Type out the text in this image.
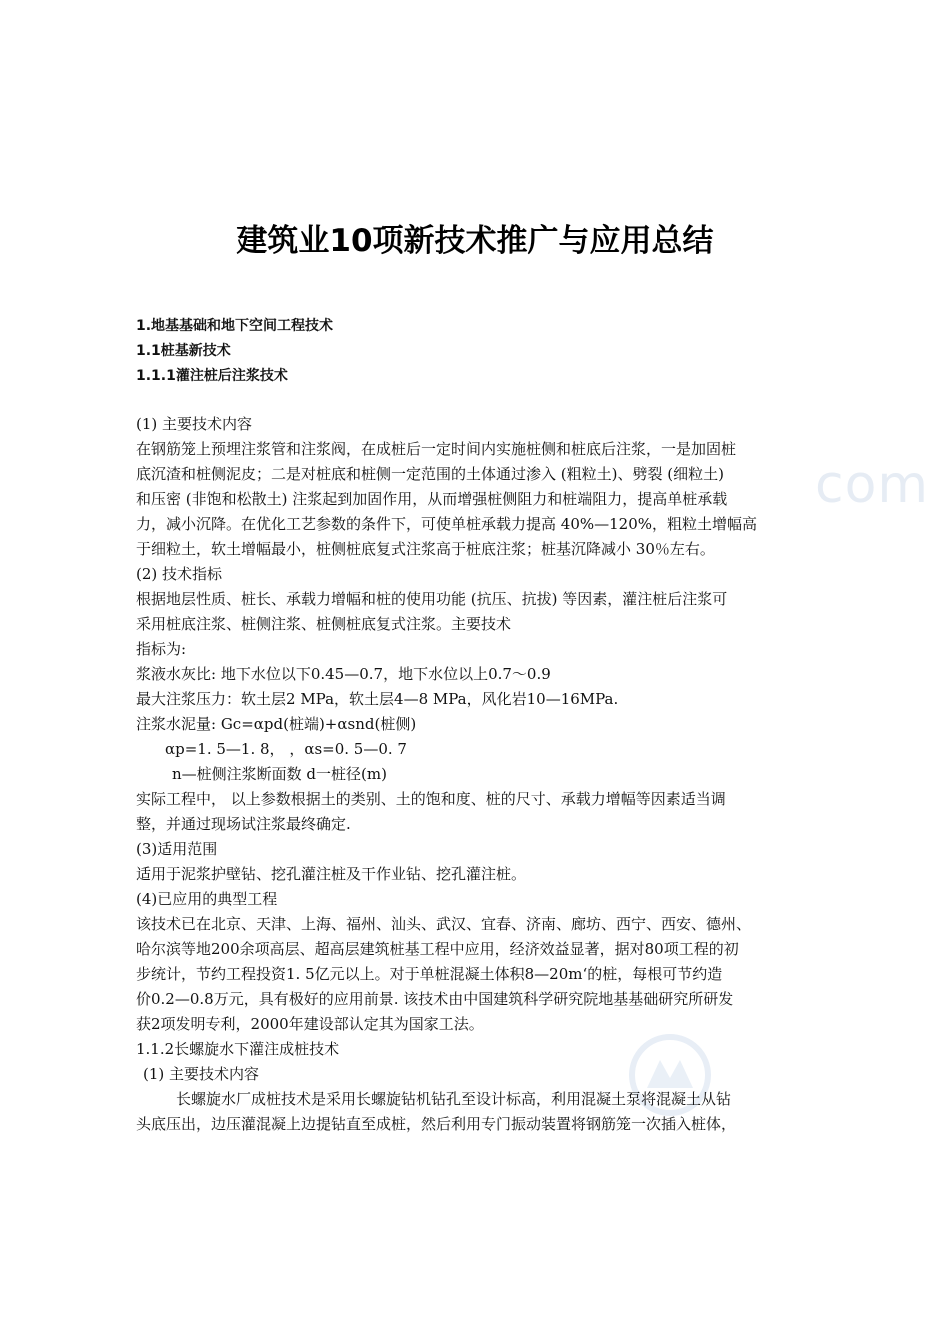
com
建筑业10项新技术推广与应用总结
1.地基基础和地下空间工程技术
1.1桩基新技术
1.1.1灌注桩后注浆技术
(1) 主要技术内容
在钢筋笼上预埋注浆管和注浆阀，在成桩后一定时间内实施桩侧和桩底后注浆，一是加固桩
底沉渣和桩侧泥皮；二是对桩底和桩侧一定范围的土体通过渗入 (粗粒土)、劈裂 (细粒土)
和压密 (非饱和松散土) 注浆起到加固作用，从而增强桩侧阻力和桩端阻力，提高单桩承载
力，减小沉降。在优化工艺参数的条件下，可使单桩承载力提高 40%—120%，粗粒土增幅高
于细粒土，软土增幅最小，桩侧桩底复式注浆高于桩底注浆；桩基沉降减小 30％左右。
(2) 技术指标
根据地层性质、桩长、承载力增幅和桩的使用功能 (抗压、抗拔) 等因素，灌注桩后注浆可
采用桩底注浆、桩侧注浆、桩侧桩底复式注浆。主要技术
指标为:
浆液水灰比: 地下水位以下0.45—0.7，地下水位以上0.7～0.9
最大注浆压力：软土层2 MPa，软土层4—8 MPa，风化岩10—16MPa.
注浆水泥量: Gc=αpd(桩端)+αsnd(桩侧)
αp=1. 5—1. 8， ，αs=0. 5—0. 7
n—桩侧注浆断面数 d一桩径(m)
实际工程中， 以上参数根据土的类别、土的饱和度、桩的尺寸、承载力增幅等因素适当调
整，并通过现场试注浆最终确定.
(3)适用范围
适用于泥浆护壁钻、挖孔灌注桩及干作业钻、挖孔灌注桩。
(4)已应用的典型工程
该技术已在北京、天津、上海、福州、汕头、武汉、宜春、济南、廊坊、西宁、西安、德州、
哈尔滨等地200余项高层、超高层建筑桩基工程中应用，经济效益显著，据对80项工程的初
步统计，节约工程投资1. 5亿元以上。对于单桩混凝土体积8—20m‘的桩，每根可节约造
价0.2—0.8万元，具有极好的应用前景. 该技术由中国建筑科学研究院地基基础研究所研发
获2项发明专利，2000年建设部认定其为国家工法。
1.1.2长螺旋水下灌注成桩技术
(1) 主要技术内容
长螺旋水厂成桩技术是采用长螺旋钻机钻孔至设计标高，利用混凝土泵将混凝土从钻
头底压出，边压灌混凝上边提钻直至成桩，然后利用专门振动装置将钢筋笼一次插入桩体，
